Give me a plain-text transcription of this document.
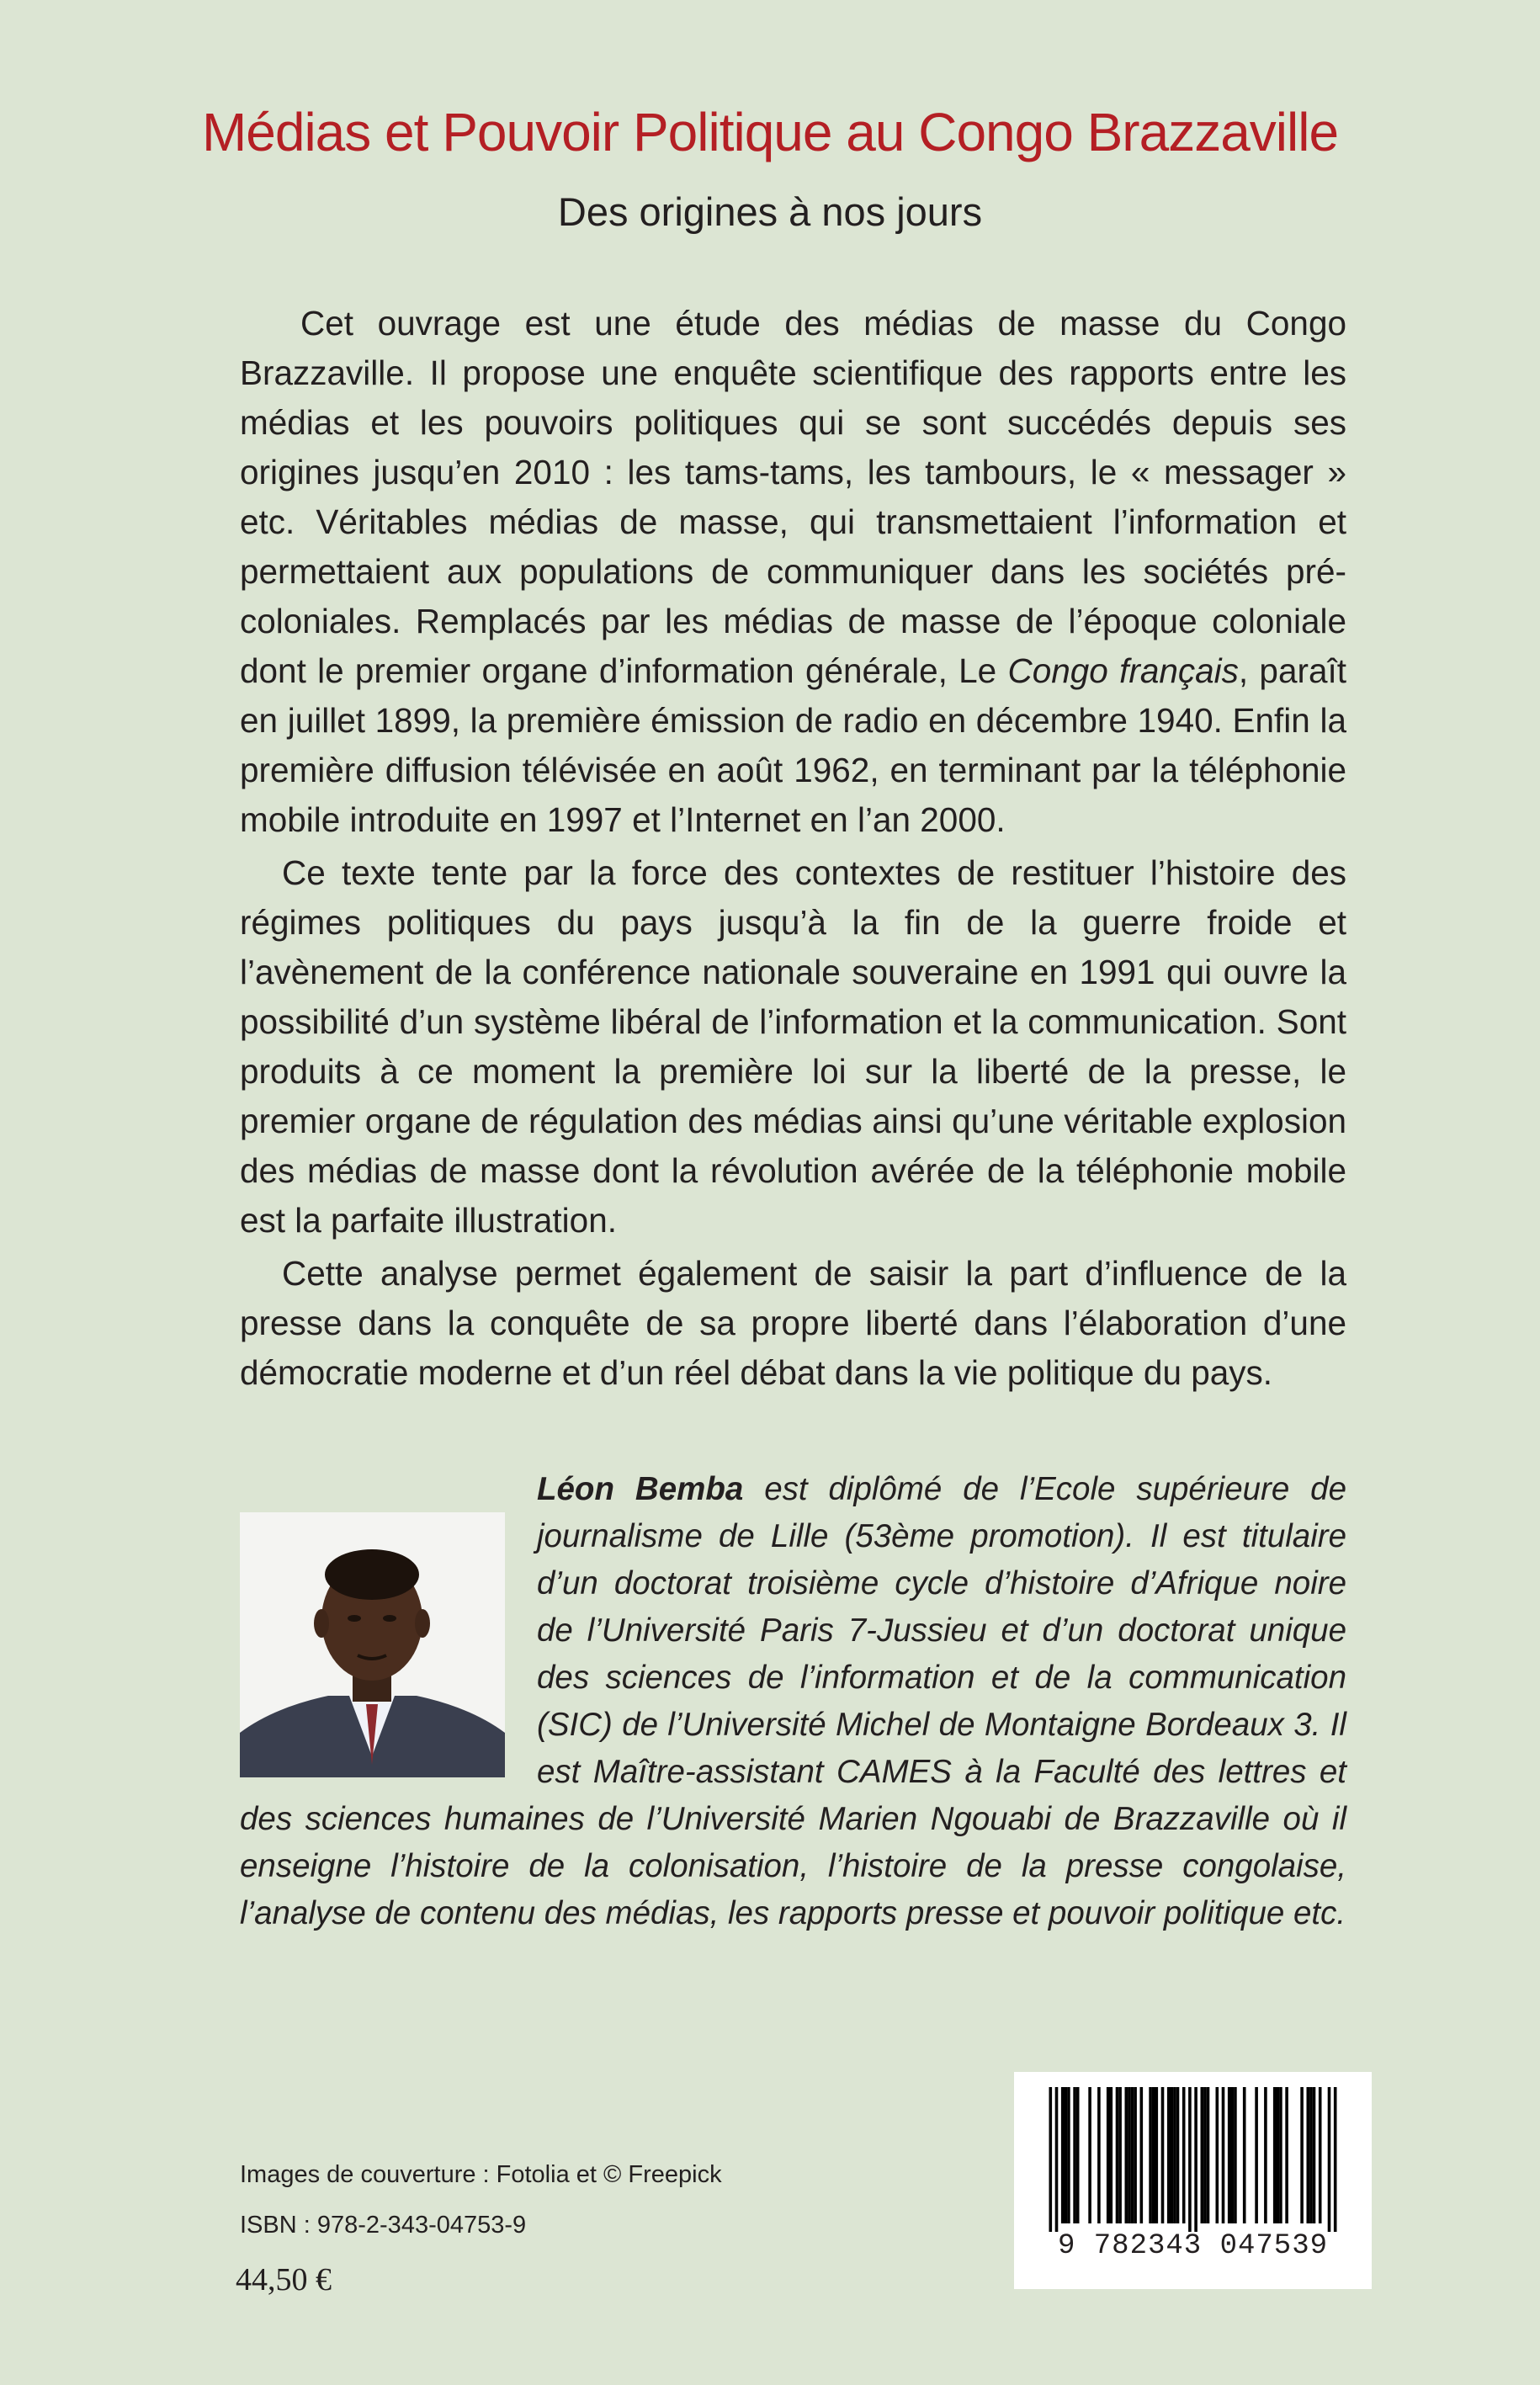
Médias et Pouvoir Politique au Congo Brazzaville
Des origines à nos jours

Cet ouvrage est une étude des médias de masse du Congo Brazzaville. Il propose une enquête scientifique des rapports entre les médias et les pouvoirs politiques qui se sont succédés depuis ses origines jusqu’en 2010 : les tams-tams, les tambours, le « messager » etc. Véritables médias de masse, qui transmettaient l’information et permettaient aux populations de communiquer dans les sociétés pré-coloniales. Remplacés par les médias de masse de l’époque coloniale dont le premier organe d’information générale, Le Congo français, paraît en juillet 1899, la première émission de radio en décembre 1940. Enfin la première diffusion télévisée en août 1962, en terminant par la téléphonie mobile introduite en 1997 et l’Internet en l’an 2000.

Ce texte tente par la force des contextes de restituer l’histoire des régimes politiques du pays jusqu’à la fin de la guerre froide et l’avènement de la conférence nationale souveraine en 1991 qui ouvre la possibilité d’un système libéral de l’information et la communication. Sont produits à ce moment la première loi sur la liberté de la presse, le premier organe de régulation des médias ainsi qu’une véritable explosion des médias de masse dont la révolution avérée de la téléphonie mobile est la parfaite illustration.

Cette analyse permet également de saisir la part d’influence de la presse dans la conquête de sa propre liberté dans l’élaboration d’une démocratie moderne et d’un réel débat dans la vie politique du pays.

Léon Bemba est diplômé de l’Ecole supérieure de journalisme de Lille (53ème promotion). Il est titulaire d’un doctorat troisième cycle d’histoire d’Afrique noire de l’Université Paris 7-Jussieu et d’un doctorat unique des sciences de l’information et de la communication (SIC) de l’Université Michel de Montaigne Bordeaux 3. Il est Maître-assistant CAMES à la Faculté des lettres et des sciences humaines de l’Université Marien Ngouabi de Brazzaville où il enseigne l’histoire de la colonisation, l’histoire de la presse congolaise, l’analyse de contenu des médias, les rapports presse et pouvoir politique etc.
Images de couverture : Fotolia et © Freepick
ISBN : 978-2-343-04753-9
44,50 €
9 782343 047539
